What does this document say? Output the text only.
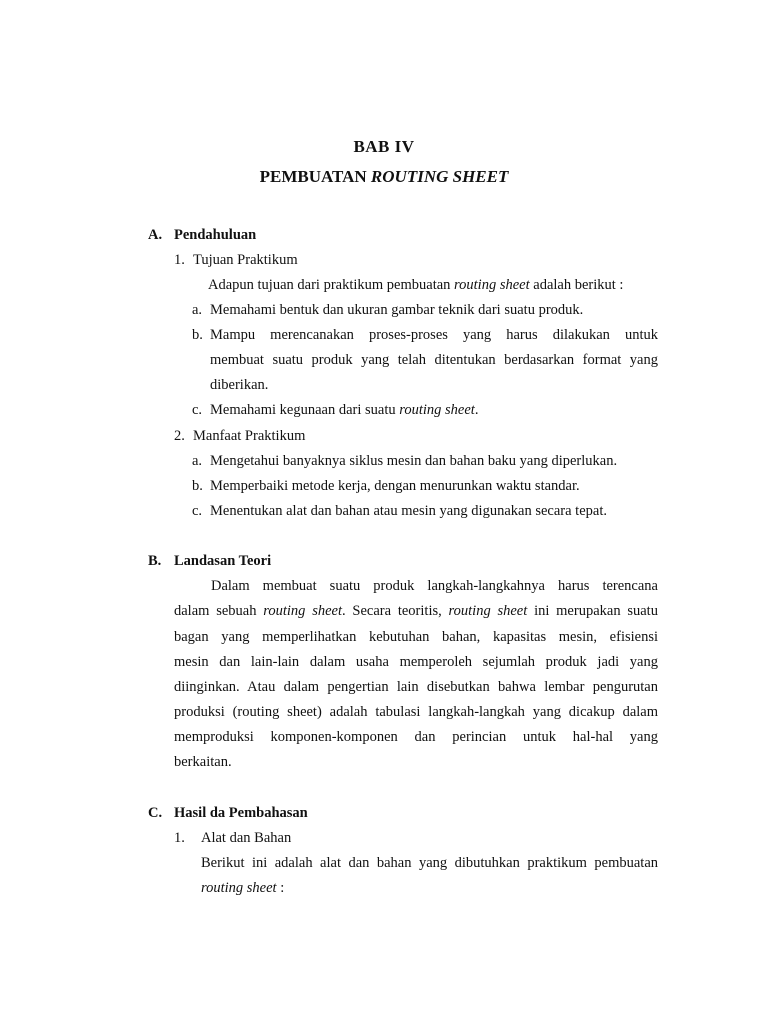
BAB IV
PEMBUATAN ROUTING SHEET
A. Pendahuluan
1. Tujuan Praktikum
Adapun tujuan dari praktikum pembuatan routing sheet adalah berikut :
a. Memahami bentuk dan ukuran gambar teknik dari suatu produk.
b. Mampu merencanakan proses-proses yang harus dilakukan untuk
membuat suatu produk yang telah ditentukan berdasarkan format yang
diberikan.
c. Memahami kegunaan dari suatu routing sheet.
2. Manfaat Praktikum
a. Mengetahui banyaknya siklus mesin dan bahan baku yang diperlukan.
b. Memperbaiki metode kerja, dengan menurunkan waktu standar.
c. Menentukan alat dan bahan atau mesin yang digunakan secara tepat.
B. Landasan Teori
Dalam membuat suatu produk langkah-langkahnya harus terencana
dalam sebuah routing sheet. Secara teoritis, routing sheet ini merupakan suatu
bagan yang memperlihatkan kebutuhan bahan, kapasitas mesin, efisiensi
mesin dan lain-lain dalam usaha memperoleh sejumlah produk jadi yang
diinginkan. Atau dalam pengertian lain disebutkan bahwa lembar pengurutan
produksi (routing sheet) adalah tabulasi langkah-langkah yang dicakup dalam
memproduksi komponen-komponen dan perincian untuk hal-hal yang
berkaitan.
C. Hasil da Pembahasan
1. Alat dan Bahan
Berikut ini adalah alat dan bahan yang dibutuhkan praktikum pembuatan
routing sheet :
